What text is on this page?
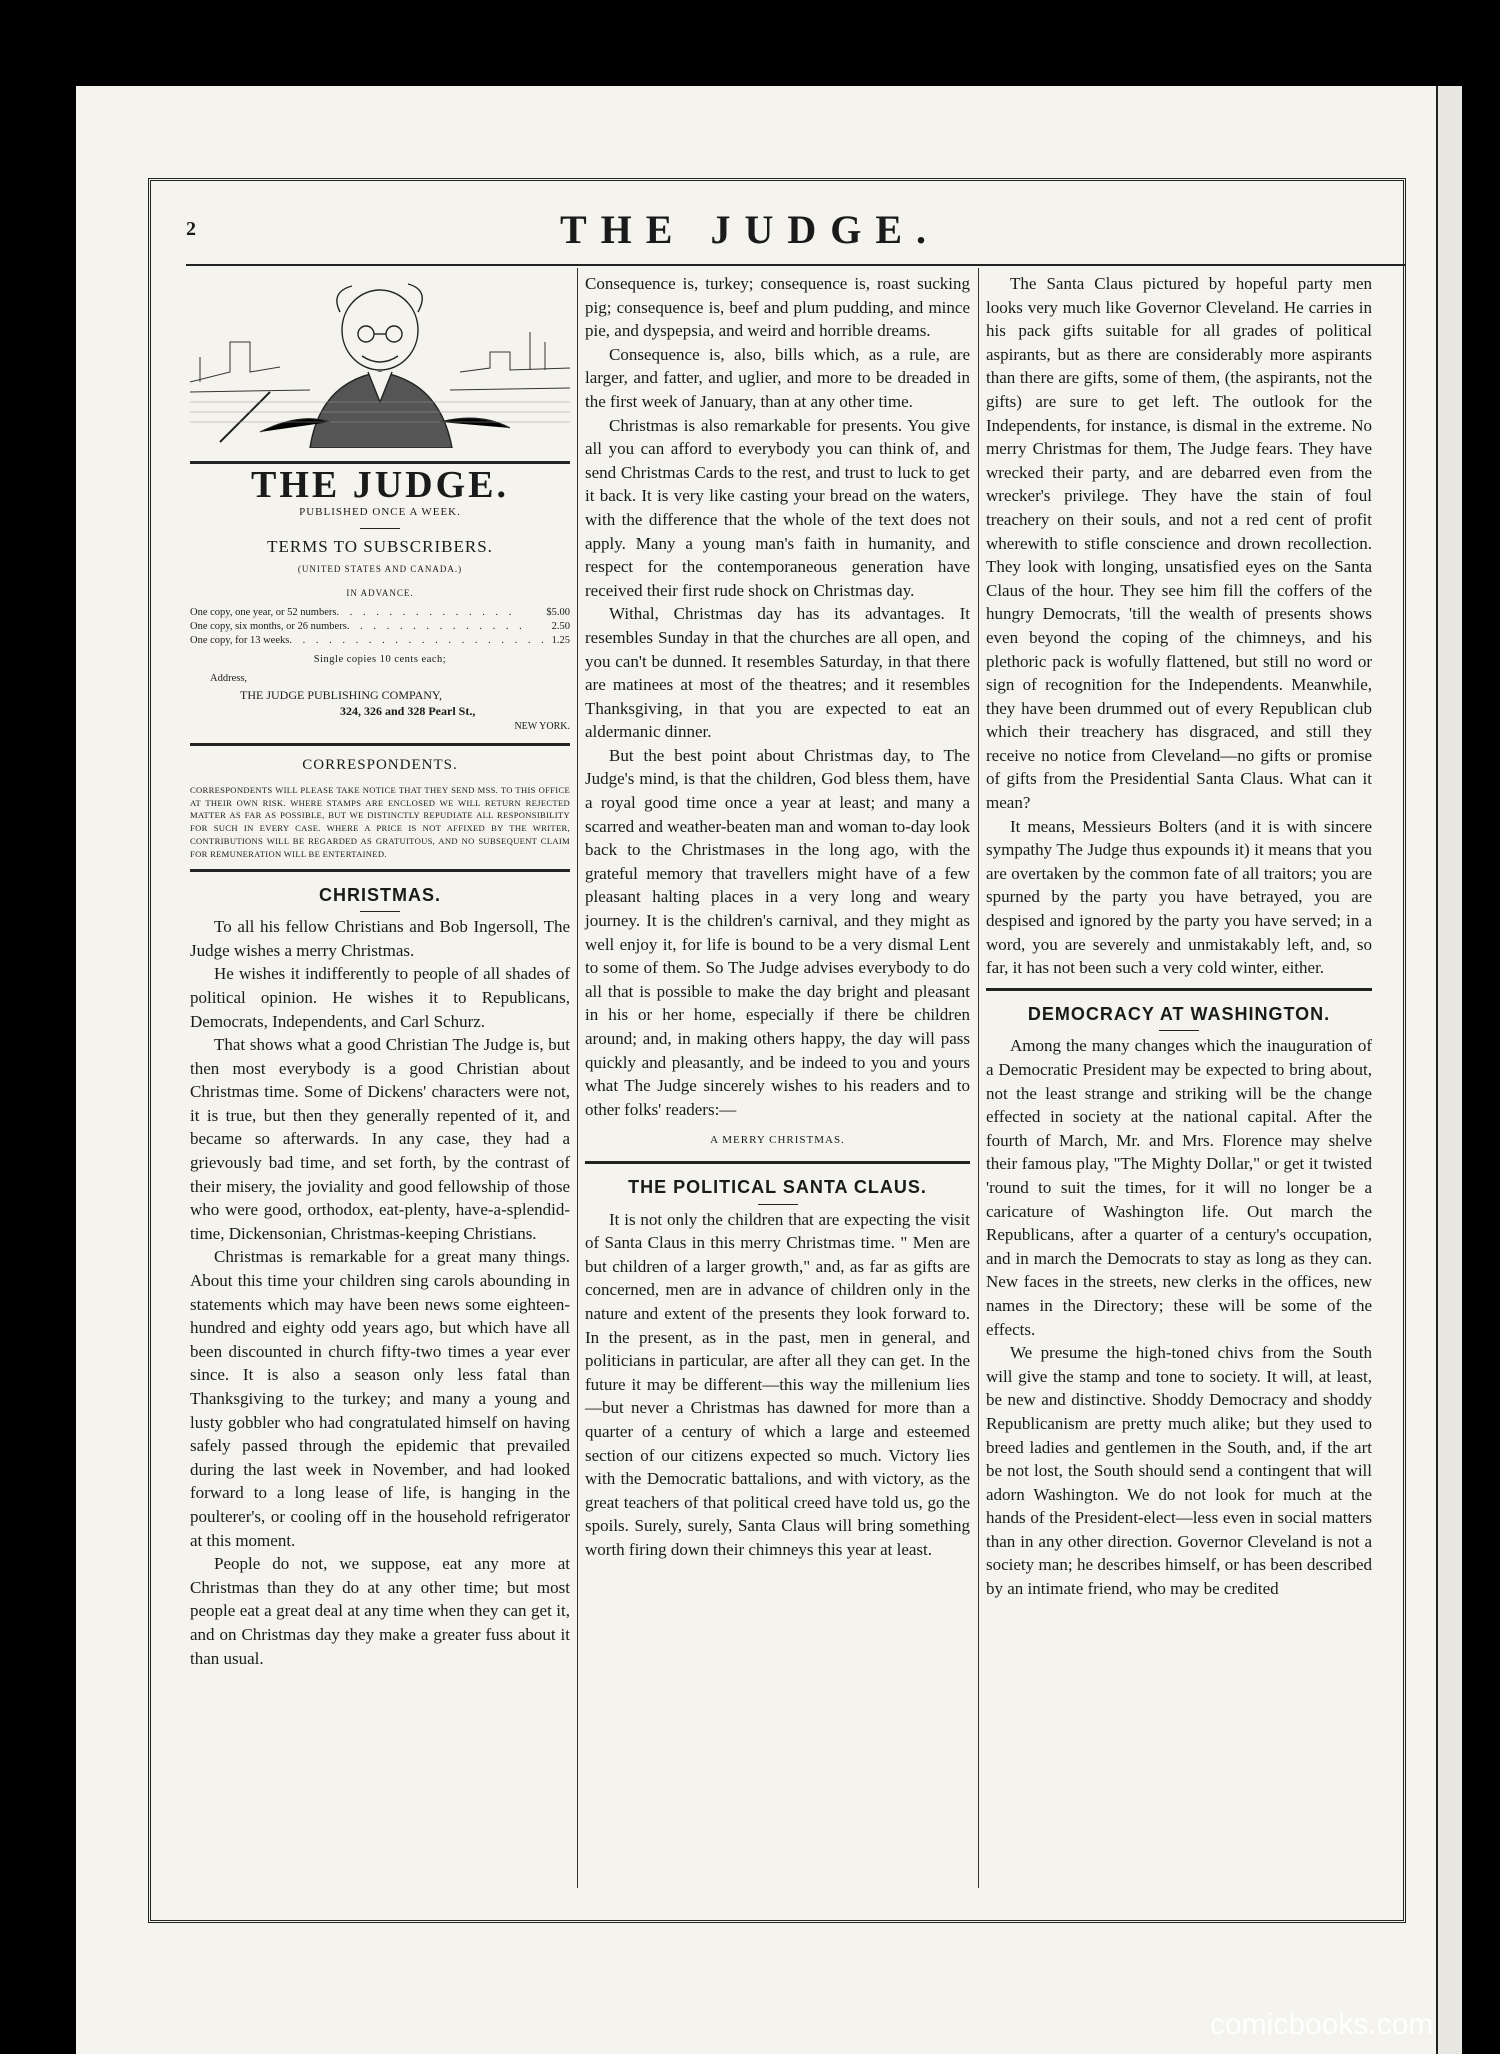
2	THE JUDGE.
THE JUDGE.
PUBLISHED ONCE A WEEK.
TERMS TO SUBSCRIBERS.
(UNITED STATES AND CANADA.)
IN ADVANCE.
One copy, one year, or 52 numbers . . . . . . . . . . . . . .	$5.00
One copy, six months, or 26 numbers . . . . . . . . . . . . . .	2.50
One copy, for 13 weeks . . . . . . . . . . . . . . . . . . . . 1.25
Single copies 10 cents each;
Address,
THE JUDGE PUBLISHING COMPANY,
324, 326 and 328 Pearl St.,
NEW YORK.
CORRESPONDENTS.
CORRESPONDENTS WILL PLEASE TAKE NOTICE THAT THEY SEND MSS. TO THIS OFFICE AT THEIR OWN RISK. WHERE STAMPS ARE ENCLOSED WE WILL RETURN REJECTED MATTER AS FAR AS POSSIBLE, BUT WE DISTINCTLY REPUDIATE ALL RESPONSIBILITY FOR SUCH IN EVERY CASE. WHERE A PRICE IS NOT AFFIXED BY THE WRITER, CONTRIBUTIONS WILL BE REGARDED AS GRATUITOUS, AND NO SUBSEQUENT CLAIM FOR REMUNERATION WILL BE ENTERTAINED.
CHRISTMAS.

To all his fellow Christians and Bob Ingersoll, The Judge wishes a merry Christmas.

He wishes it indifferently to people of all shades of political opinion. He wishes it to Republicans, Democrats, Independents, and Carl Schurz.

That shows what a good Christian The Judge is, but then most everybody is a good Christian about Christmas time. Some of Dickens' characters were not, it is true, but then they generally repented of it, and became so afterwards. In any case, they had a grievously bad time, and set forth, by the contrast of their misery, the joviality and good fellowship of those who were good, orthodox, eat-plenty, have-a-splendid-time, Dickensonian, Christmas-keeping Christians.

Christmas is remarkable for a great many things. About this time your children sing carols abounding in statements which may have been news some eighteen-hundred and eighty odd years ago, but which have all been discounted in church fifty-two times a year ever since. It is also a season only less fatal than Thanksgiving to the turkey; and many a young and lusty gobbler who had congratulated himself on having safely passed through the epidemic that prevailed during the last week in November, and had looked forward to a long lease of life, is hanging in the poulterer's, or cooling off in the household refrigerator at this moment.

People do not, we suppose, eat any more at Christmas than they do at any other time; but most people eat a great deal at any time when they can get it, and on Christmas day they make a greater fuss about it than usual.

Consequence is, turkey; consequence is, roast sucking pig; consequence is, beef and plum pudding, and mince pie, and dyspepsia, and weird and horrible dreams.

Consequence is, also, bills which, as a rule, are larger, and fatter, and uglier, and more to be dreaded in the first week of January, than at any other time.

Christmas is also remarkable for presents. You give all you can afford to everybody you can think of, and send Christmas Cards to the rest, and trust to luck to get it back. It is very like casting your bread on the waters, with the difference that the whole of the text does not apply. Many a young man's faith in humanity, and respect for the contemporaneous generation have received their first rude shock on Christmas day.

Withal, Christmas day has its advantages. It resembles Sunday in that the churches are all open, and you can't be dunned. It resembles Saturday, in that there are matinees at most of the theatres; and it resembles Thanksgiving, in that you are expected to eat an aldermanic dinner.

But the best point about Christmas day, to The Judge's mind, is that the children, God bless them, have a royal good time once a year at least; and many a scarred and weather-beaten man and woman to-day look back to the Christmases in the long ago, with the grateful memory that travellers might have of a few pleasant halting places in a very long and weary journey. It is the children's carnival, and they might as well enjoy it, for life is bound to be a very dismal Lent to some of them. So The Judge advises everybody to do all that is possible to make the day bright and pleasant in his or her home, especially if there be children around; and, in making others happy, the day will pass quickly and pleasantly, and be indeed to you and yours what The Judge sincerely wishes to his readers and to other folks' readers:—

A MERRY CHRISTMAS.
THE POLITICAL SANTA CLAUS.

It is not only the children that are expecting the visit of Santa Claus in this merry Christmas time. " Men are but children of a larger growth," and, as far as gifts are concerned, men are in advance of children only in the nature and extent of the presents they look forward to. In the present, as in the past, men in general, and politicians in particular, are after all they can get. In the future it may be different—this way the millenium lies—but never a Christmas has dawned for more than a quarter of a century of which a large and esteemed section of our citizens expected so much. Victory lies with the Democratic battalions, and with victory, as the great teachers of that political creed have told us, go the spoils. Surely, surely, Santa Claus will bring something worth firing down their chimneys this year at least.

The Santa Claus pictured by hopeful party men looks very much like Governor Cleveland. He carries in his pack gifts suitable for all grades of political aspirants, but as there are considerably more aspirants than there are gifts, some of them, (the aspirants, not the gifts) are sure to get left. The outlook for the Independents, for instance, is dismal in the extreme. No merry Christmas for them, The Judge fears. They have wrecked their party, and are debarred even from the wrecker's privilege. They have the stain of foul treachery on their souls, and not a red cent of profit wherewith to stifle conscience and drown recollection. They look with longing, unsatisfied eyes on the Santa Claus of the hour. They see him fill the coffers of the hungry Democrats, 'till the wealth of presents shows even beyond the coping of the chimneys, and his plethoric pack is wofully flattened, but still no word or sign of recognition for the Independents. Meanwhile, they have been drummed out of every Republican club which their treachery has disgraced, and still they receive no notice from Cleveland—no gifts or promise of gifts from the Presidential Santa Claus. What can it mean?

It means, Messieurs Bolters (and it is with sincere sympathy The Judge thus expounds it) it means that you are overtaken by the common fate of all traitors; you are spurned by the party you have betrayed, you are despised and ignored by the party you have served; in a word, you are severely and unmistakably left, and, so far, it has not been such a very cold winter, either.

DEMOCRACY AT WASHINGTON.

Among the many changes which the inauguration of a Democratic President may be expected to bring about, not the least strange and striking will be the change effected in society at the national capital. After the fourth of March, Mr. and Mrs. Florence may shelve their famous play, "The Mighty Dollar," or get it twisted 'round to suit the times, for it will no longer be a caricature of Washington life. Out march the Republicans, after a quarter of a century's occupation, and in march the Democrats to stay as long as they can. New faces in the streets, new clerks in the offices, new names in the Directory; these will be some of the effects.

We presume the high-toned chivs from the South will give the stamp and tone to society. It will, at least, be new and distinctive. Shoddy Democracy and shoddy Republicanism are pretty much alike; but they used to breed ladies and gentlemen in the South, and, if the art be not lost, the South should send a contingent that will adorn Washington. We do not look for much at the hands of the President-elect—less even in social matters than in any other direction. Governor Cleveland is not a society man; he describes himself, or has been described by an intimate friend, who may be credited

comicbooks.com
